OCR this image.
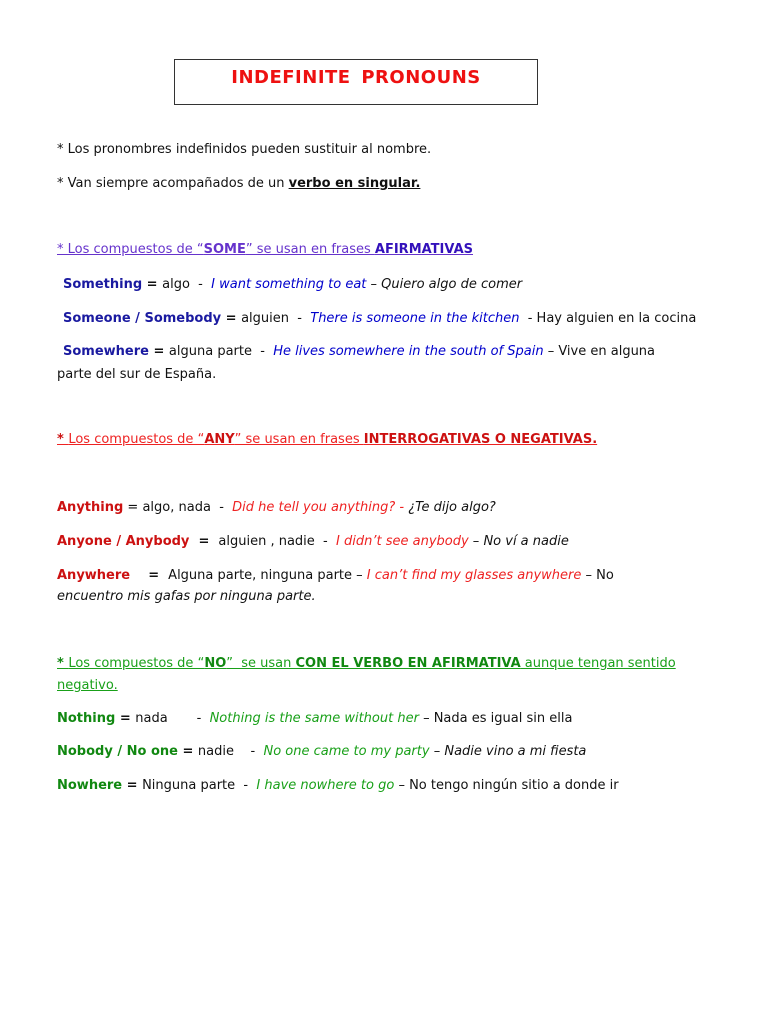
INDEFINITE PRONOUNS
* Los pronombres indefinidos pueden sustituir al nombre.
* Van siempre acompañados de un verbo en singular.
* Los compuestos de “SOME” se usan en frases AFIRMATIVAS
Something = algo  -  I want something to eat – Quiero algo de comer
Someone / Somebody = alguien  -  There is someone in the kitchen  - Hay alguien en la cocina
Somewhere = alguna parte  -  He lives somewhere in the south of Spain – Vive en alguna
parte del sur de España.
* Los compuestos de “ANY” se usan en frases INTERROGATIVAS O NEGATIVAS.
Anything = algo, nada  -  Did he tell you anything? - ¿Te dijo algo?
Anyone / Anybody  =  alguien , nadie  -  I didn’t see anybody – No ví a nadie
Anywhere    =  Alguna parte, ninguna parte – I can’t find my glasses anywhere – No
encuentro mis gafas por ninguna parte.
* Los compuestos de “NO”  se usan CON EL VERBO EN AFIRMATIVA aunque tengan sentido
negativo.
Nothing = nada       -  Nothing is the same without her – Nada es igual sin ella
Nobody / No one = nadie    -  No one came to my party – Nadie vino a mi fiesta
Nowhere = Ninguna parte  -  I have nowhere to go – No tengo ningún sitio a donde ir
